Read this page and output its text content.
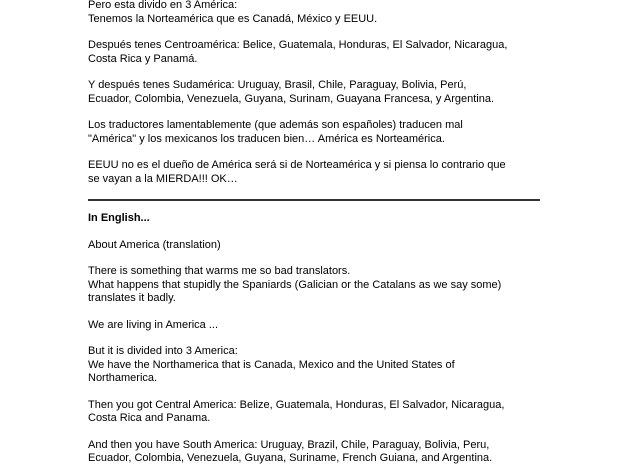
Pero esta divido en 3 América:
Tenemos la Norteamérica que es Canadá, México y EEUU.

Después tenes Centroamérica: Belice, Guatemala, Honduras, El Salvador, Nicaragua,
Costa Rica y Panamá.

Y después tenes Sudamérica: Uruguay, Brasil, Chile, Paraguay, Bolivia, Perú,
Ecuador, Colombia, Venezuela, Guyana, Surinam, Guayana Francesa, y Argentina.

Los traductores lamentablemente (que además son españoles) traducen mal
"América" y los mexicanos los traducen bien… América es Norteamérica.

EEUU no es el dueño de América será si de Norteamérica y si piensa lo contrario que
se vayan a la MIERDA!!! OK…

In English...

About America (translation)

There is something that warms me so bad translators.
What happens that stupidly the Spaniards (Galician or the Catalans as we say some)
translates it badly.

We are living in America ...

But it is divided into 3 America:
We have the Northamerica that is Canada, Mexico and the United States of
Northamerica.

Then you got Central America: Belize, Guatemala, Honduras, El Salvador, Nicaragua,
Costa Rica and Panama.

And then you have South America: Uruguay, Brazil, Chile, Paraguay, Bolivia, Peru,
Ecuador, Colombia, Venezuela, Guyana, Suriname, French Guiana, and Argentina.
